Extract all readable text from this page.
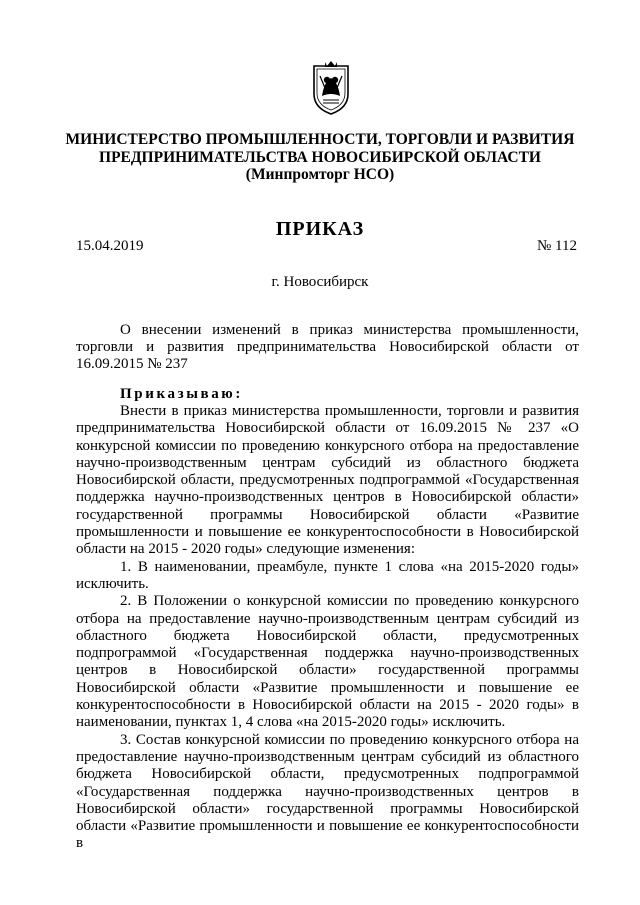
МИНИСТЕРСТВО ПРОМЫШЛЕННОСТИ, ТОРГОВЛИ И РАЗВИТИЯ
ПРЕДПРИНИМАТЕЛЬСТВА НОВОСИБИРСКОЙ ОБЛАСТИ
(Минпромторг НСО)
ПРИКАЗ
15.04.2019	№ 112
г. Новосибирск
О внесении изменений в приказ министерства промышленности, торговли и развития предпринимательства Новосибирской области от 16.09.2015 № 237
Приказываю:

Внести в приказ министерства промышленности, торговли и развития предпринимательства Новосибирской области от 16.09.2015 № 237 «О конкурсной комиссии по проведению конкурсного отбора на предоставление научно-производственным центрам субсидий из областного бюджета Новосибирской области, предусмотренных подпрограммой «Государственная поддержка научно-производственных центров в Новосибирской области» государственной программы Новосибирской области «Развитие промышленности и повышение ее конкурентоспособности в Новосибирской области на 2015 - 2020 годы» следующие изменения:

1. В наименовании, преамбуле, пункте 1 слова «на 2015-2020 годы» исключить.

2. В Положении о конкурсной комиссии по проведению конкурсного отбора на предоставление научно-производственным центрам субсидий из областного бюджета Новосибирской области, предусмотренных подпрограммой «Государственная поддержка научно-производственных центров в Новосибирской области» государственной программы Новосибирской области «Развитие промышленности и повышение ее конкурентоспособности в Новосибирской области на 2015 - 2020 годы» в наименовании, пунктах 1, 4 слова «на 2015-2020 годы» исключить.

3. Состав конкурсной комиссии по проведению конкурсного отбора на предоставление научно-производственным центрам субсидий из областного бюджета Новосибирской области, предусмотренных подпрограммой «Государственная поддержка научно-производственных центров в Новосибирской области» государственной программы Новосибирской области «Развитие промышленности и повышение ее конкурентоспособности в
